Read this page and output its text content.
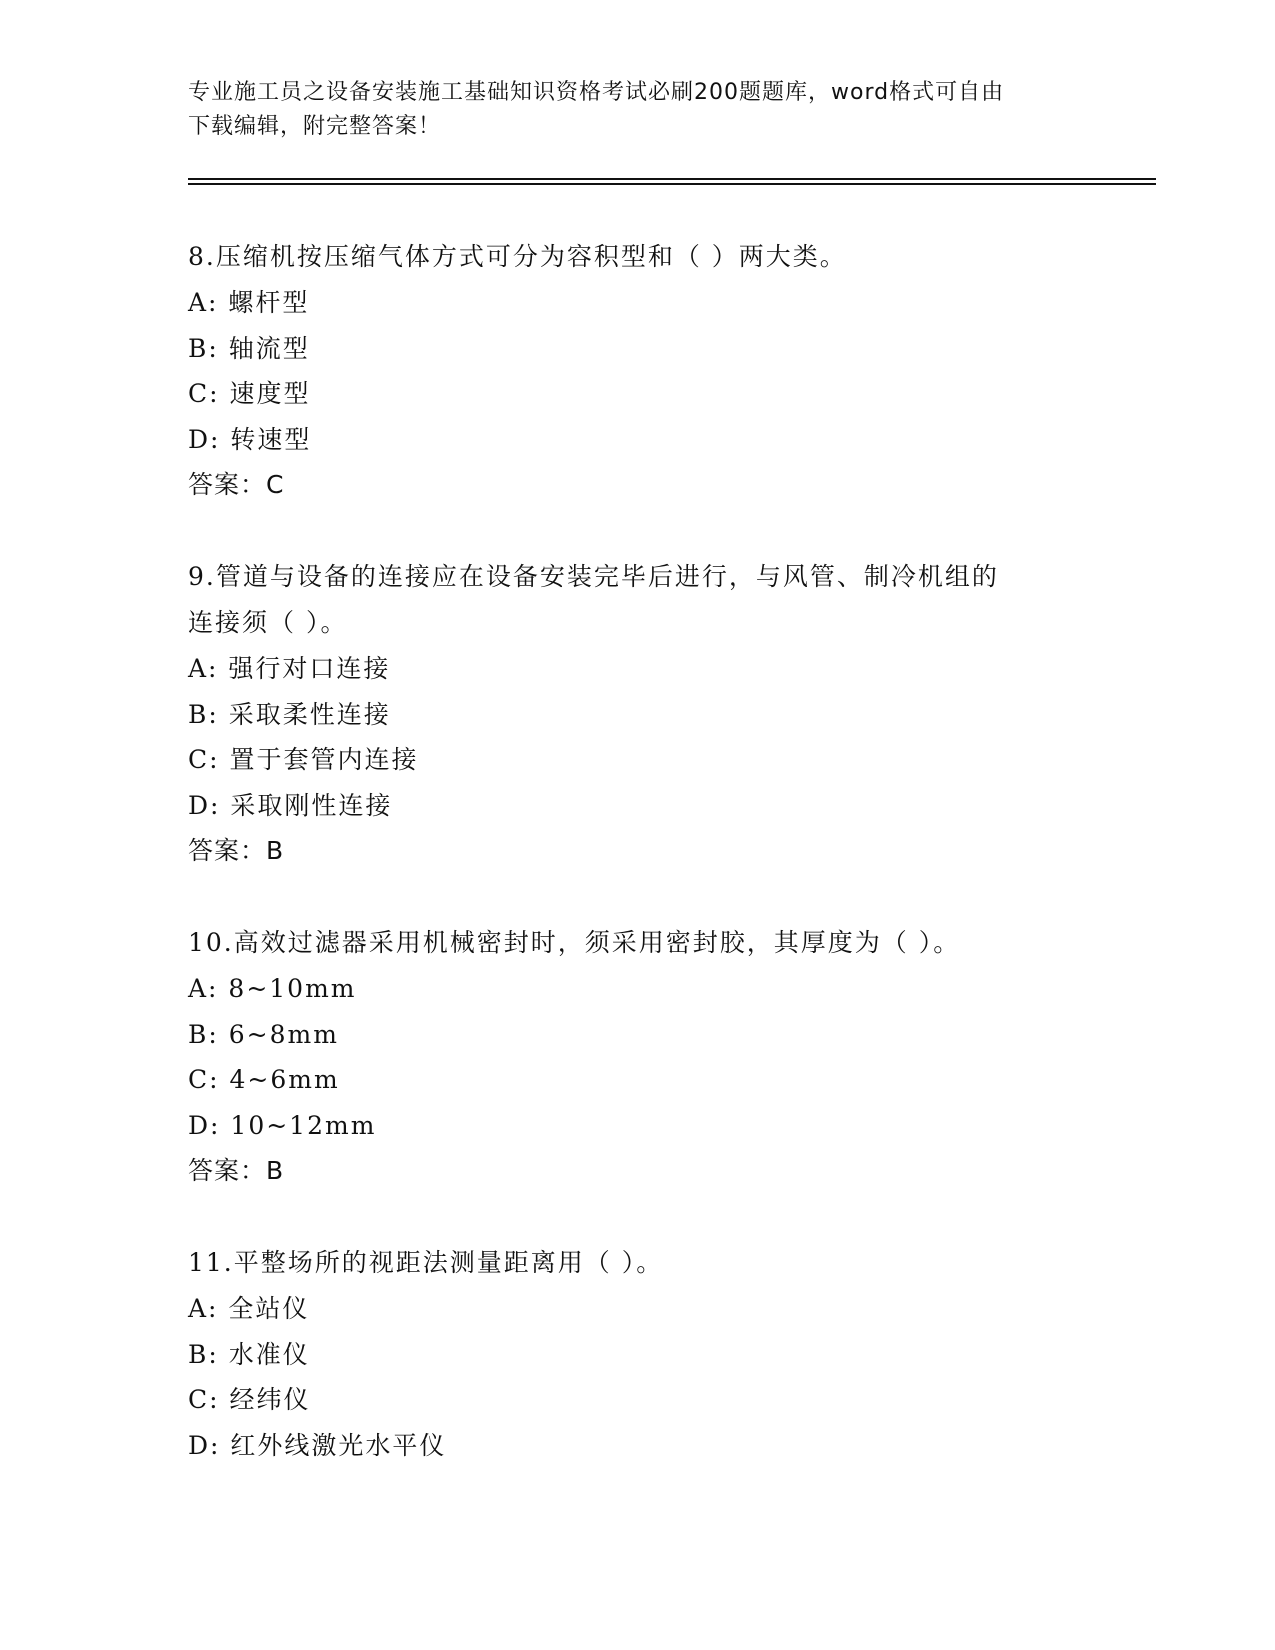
专业施工员之设备安装施工基础知识资格考试必刷200题题库，word格式可自由
下载编辑，附完整答案！
8.压缩机按压缩气体方式可分为容积型和（ ）两大类。
A: 螺杆型
B: 轴流型
C: 速度型
D: 转速型
答案：C
9.管道与设备的连接应在设备安装完毕后进行，与风管、制冷机组的
连接须（ ）。
A: 强行对口连接
B: 采取柔性连接
C: 置于套管内连接
D: 采取刚性连接
答案：B
10.高效过滤器采用机械密封时，须采用密封胶，其厚度为（ ）。
A: 8~10mm
B: 6~8mm
C: 4~6mm
D: 10~12mm
答案：B
11.平整场所的视距法测量距离用（ ）。
A: 全站仪
B: 水准仪
C: 经纬仪
D: 红外线激光水平仪
